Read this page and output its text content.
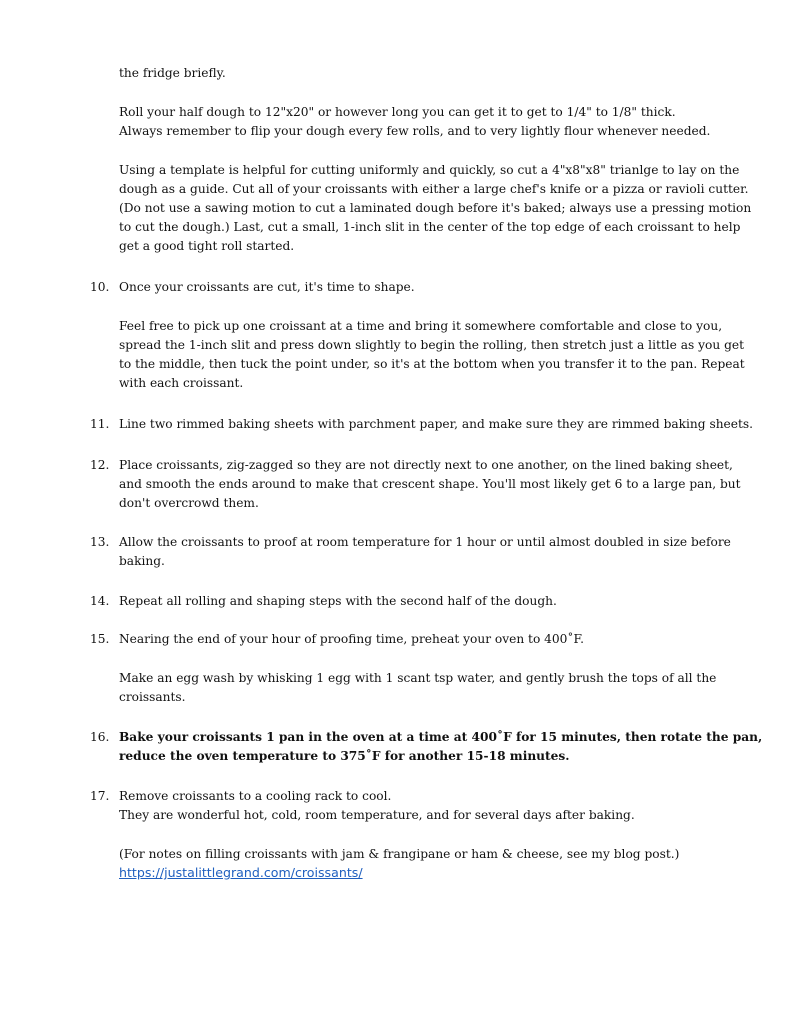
the fridge briefly.
Roll your half dough to 12"x20" or however long you can get it to get to 1/4" to 1/8" thick.
Always remember to flip your dough every few rolls, and to very lightly flour whenever needed.
Using a template is helpful for cutting uniformly and quickly, so cut a 4"x8"x8" trianlge to lay on the
dough as a guide. Cut all of your croissants with either a large chef's knife or a pizza or ravioli cutter.
(Do not use a sawing motion to cut a laminated dough before it's baked; always use a pressing motion
to cut the dough.) Last, cut a small, 1-inch slit in the center of the top edge of each croissant to help
get a good tight roll started.
10. Once your croissants are cut, it's time to shape.
Feel free to pick up one croissant at a time and bring it somewhere comfortable and close to you,
spread the 1-inch slit and press down slightly to begin the rolling, then stretch just a little as you get
to the middle, then tuck the point under, so it's at the bottom when you transfer it to the pan. Repeat
with each croissant.
11. Line two rimmed baking sheets with parchment paper, and make sure they are rimmed baking sheets.
12. Place croissants, zig-zagged so they are not directly next to one another, on the lined baking sheet,
and smooth the ends around to make that crescent shape. You'll most likely get 6 to a large pan, but
don't overcrowd them.
13. Allow the croissants to proof at room temperature for 1 hour or until almost doubled in size before
baking.
14. Repeat all rolling and shaping steps with the second half of the dough.
15. Nearing the end of your hour of proofing time, preheat your oven to 400˚F.
Make an egg wash by whisking 1 egg with 1 scant tsp water, and gently brush the tops of all the
croissants.
16. Bake your croissants 1 pan in the oven at a time at 400˚F for 15 minutes, then rotate the pan,
reduce the oven temperature to 375˚F for another 15-18 minutes.
17. Remove croissants to a cooling rack to cool.
They are wonderful hot, cold, room temperature, and for several days after baking.
(For notes on filling croissants with jam & frangipane or ham & cheese, see my blog post.)
https://justalittlegrand.com/croissants/
